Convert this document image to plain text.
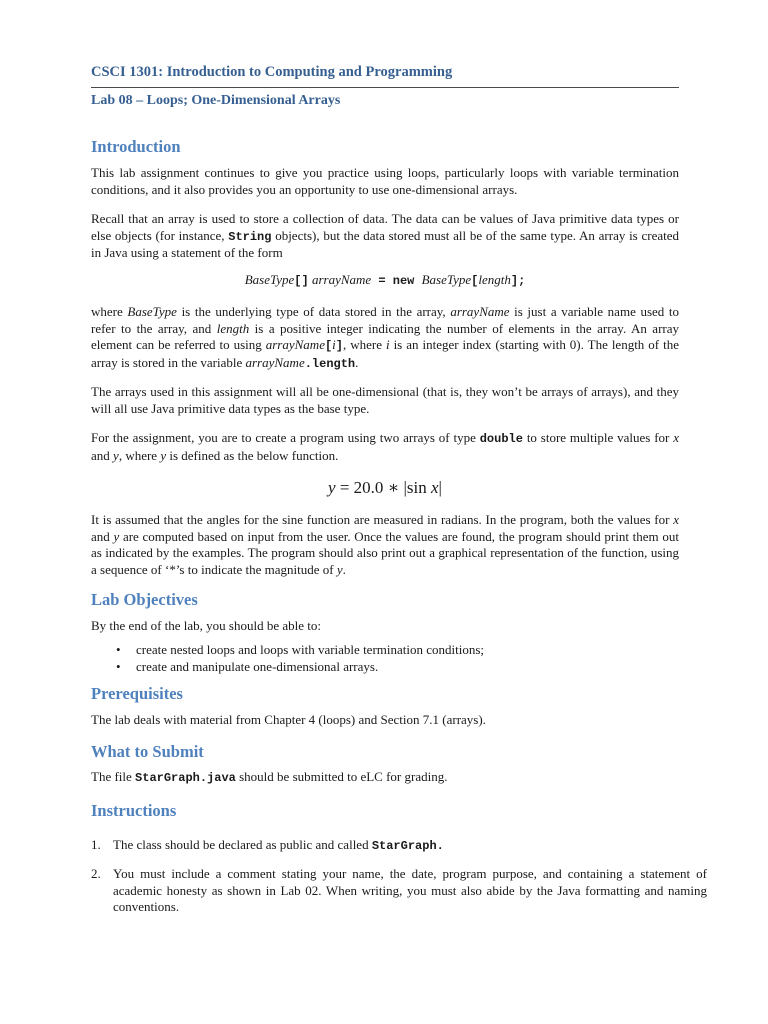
CSCI 1301: Introduction to Computing and Programming
Lab 08 – Loops; One-Dimensional Arrays
Introduction

This lab assignment continues to give you practice using loops, particularly loops with variable termination conditions, and it also provides you an opportunity to use one-dimensional arrays.

Recall that an array is used to store a collection of data. The data can be values of Java primitive data types or else objects (for instance, String objects), but the data stored must all be of the same type. An array is created in Java using a statement of the form

BaseType[] arrayName = new BaseType[length];

where BaseType is the underlying type of data stored in the array, arrayName is just a variable name used to refer to the array, and length is a positive integer indicating the number of elements in the array. An array element can be referred to using arrayName[i], where i is an integer index (starting with 0). The length of the array is stored in the variable arrayName.length.

The arrays used in this assignment will all be one-dimensional (that is, they won’t be arrays of arrays), and they will all use Java primitive data types as the base type.

For the assignment, you are to create a program using two arrays of type double to store multiple values for x and y, where y is defined as the below function.

y = 20.0 ∗ |sin x|

It is assumed that the angles for the sine function are measured in radians. In the program, both the values for x and y are computed based on input from the user. Once the values are found, the program should print them out as indicated by the examples. The program should also print out a graphical representation of the function, using a sequence of ‘*’s to indicate the magnitude of y.

Lab Objectives

By the end of the lab, you should be able to:

• create nested loops and loops with variable termination conditions;
• create and manipulate one-dimensional arrays.
Prerequisites

The lab deals with material from Chapter 4 (loops) and Section 7.1 (arrays).

What to Submit

The file StarGraph.java should be submitted to eLC for grading.

Instructions
1. The class should be declared as public and called StarGraph.
2. You must include a comment stating your name, the date, program purpose, and containing a statement of academic honesty as shown in Lab 02. When writing, you must also abide by the Java formatting and naming conventions.
